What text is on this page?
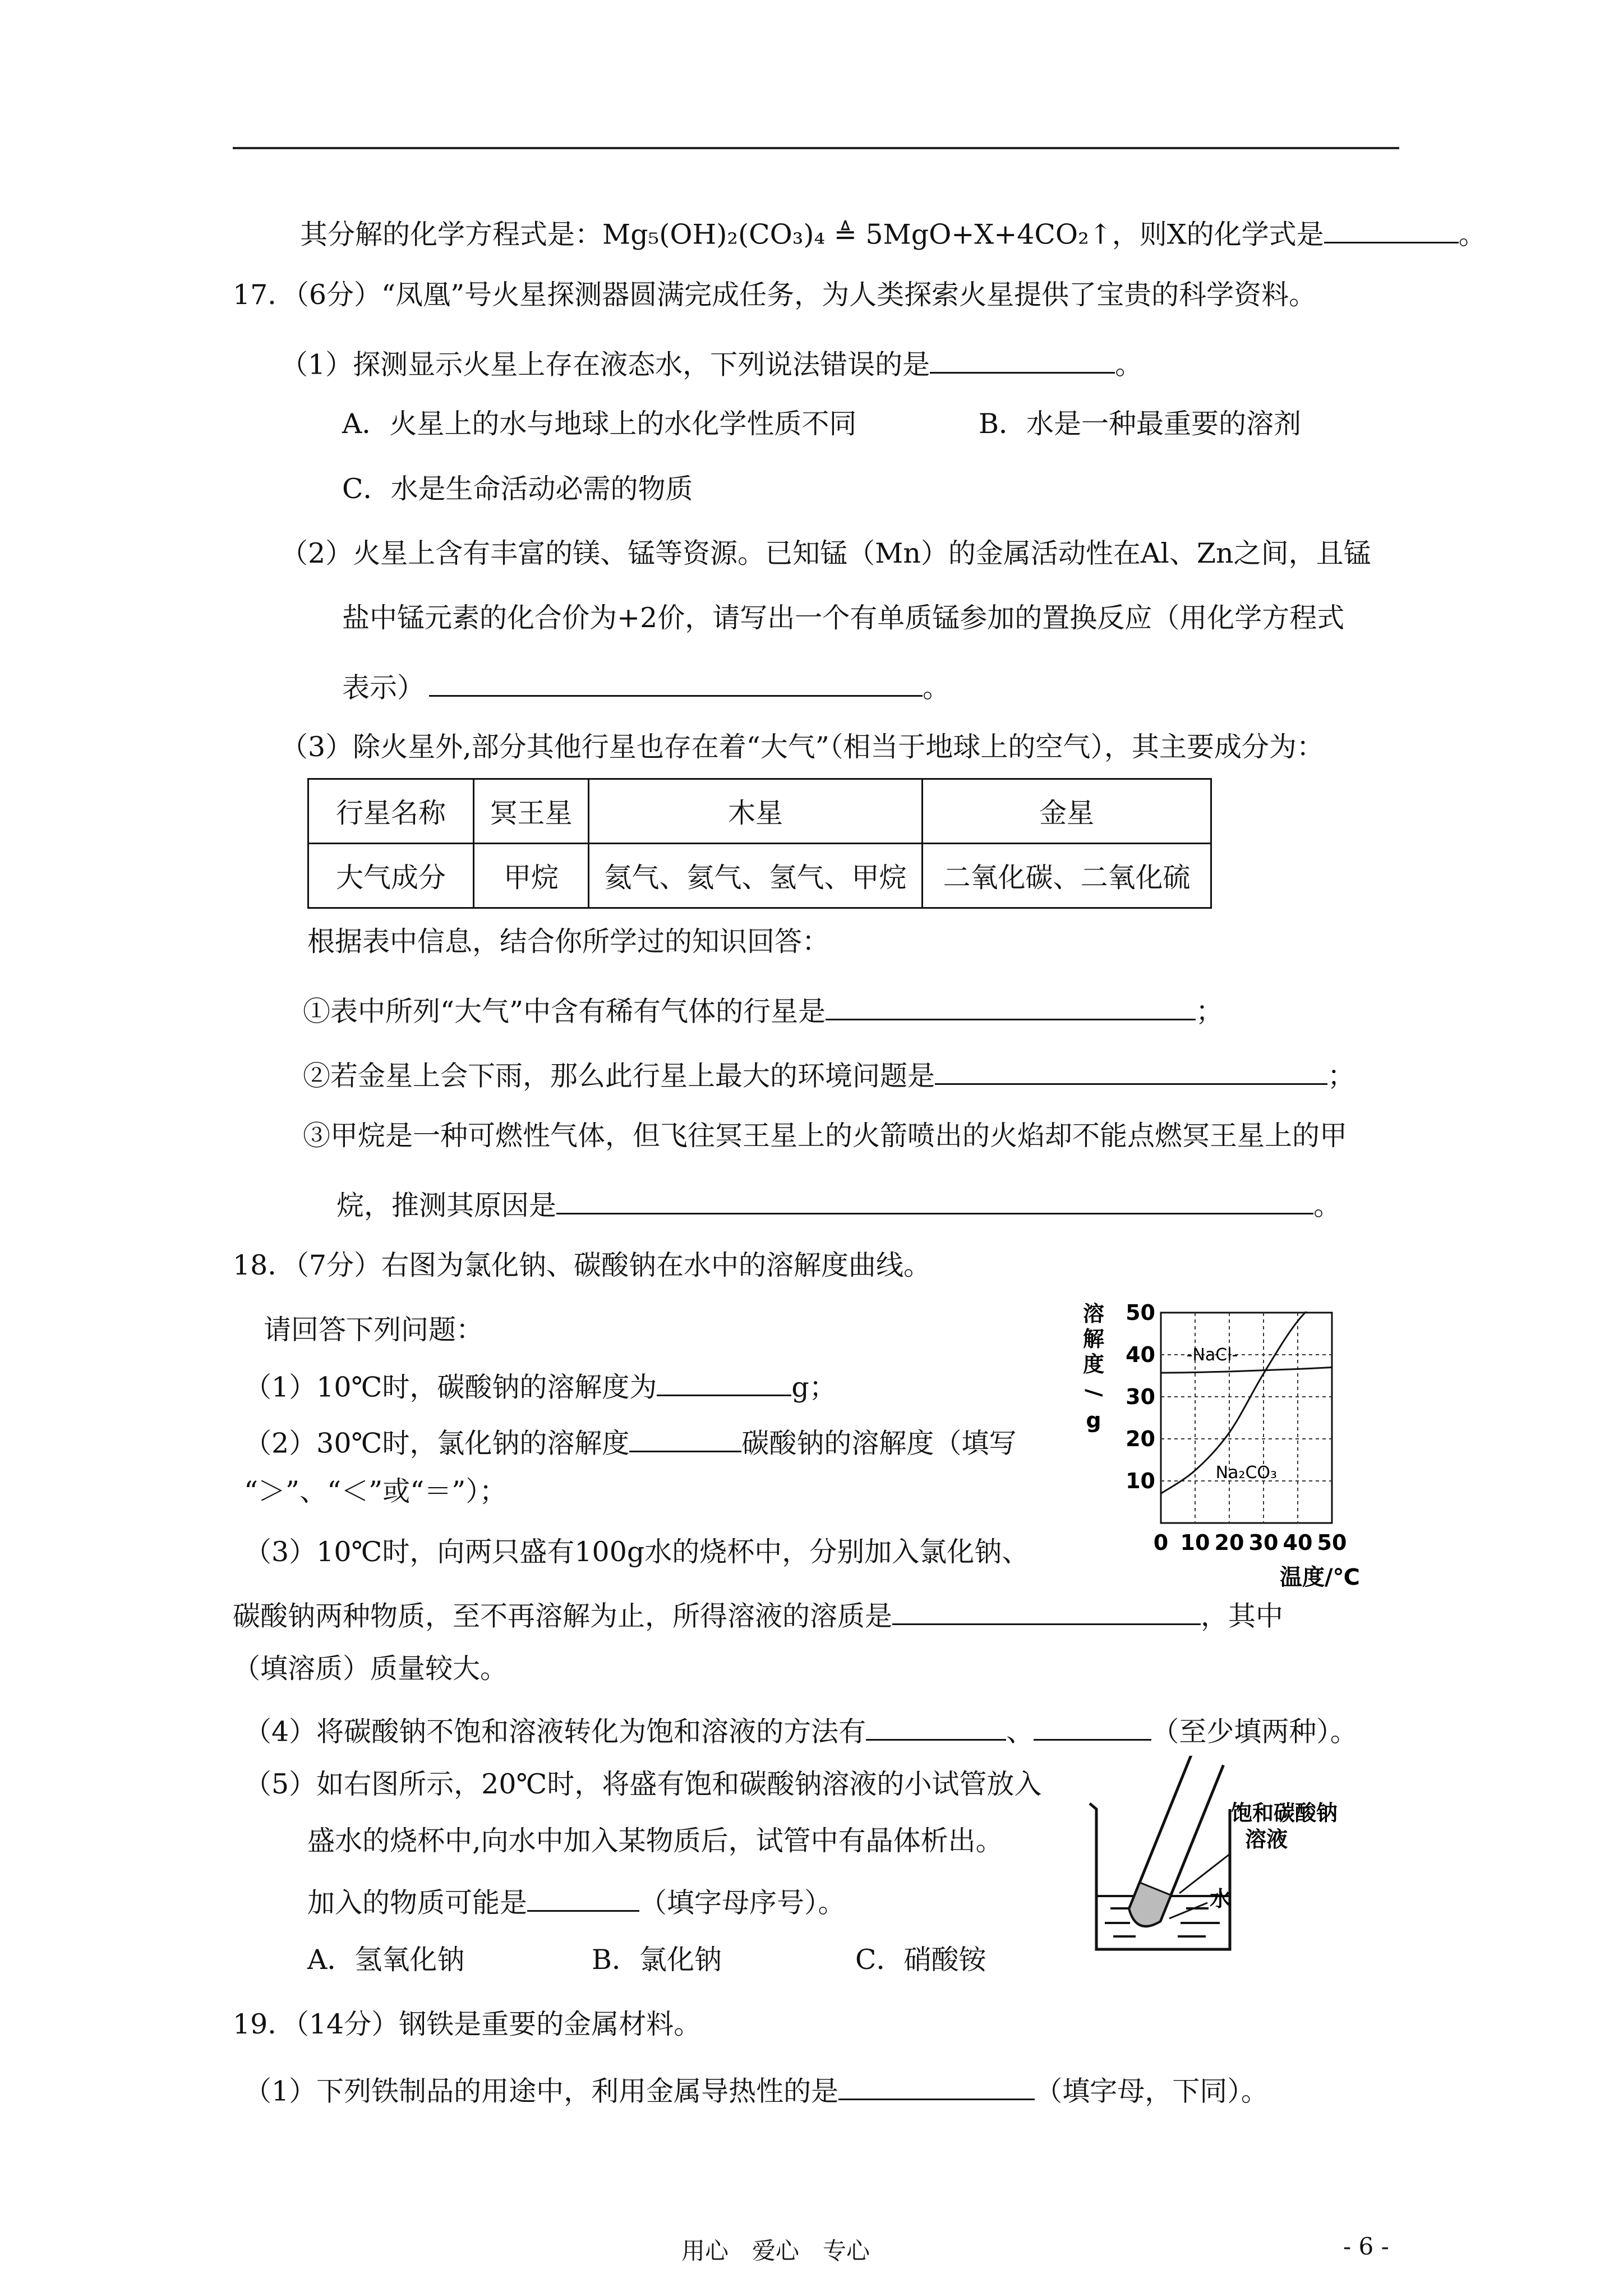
其分解的化学方程式是：Mg₅(OH)₂(CO₃)₄ ≜ 5MgO+X+4CO₂↑，则X的化学式是	。
17．（6分）“凤凰”号火星探测器圆满完成任务，为人类探索火星提供了宝贵的科学资料。
（1）探测显示火星上存在液态水，下列说法错误的是	。
A．火星上的水与地球上的水化学性质不同	B．水是一种最重要的溶剂
C．水是生命活动必需的物质
（2）火星上含有丰富的镁、锰等资源。已知锰（Mn）的金属活动性在Al、Zn之间，且锰
盐中锰元素的化合价为+2价，请写出一个有单质锰参加的置换反应（用化学方程式
表示）	。
（3）除火星外,部分其他行星也存在着“大气”（相当于地球上的空气），其主要成分为：
行星名称	冥王星	木星	金星
大气成分	甲烷	氦气、氦气、氢气、甲烷	二氧化碳、二氧化硫
根据表中信息，结合你所学过的知识回答：
①表中所列“大气”中含有稀有气体的行星是	；
②若金星上会下雨，那么此行星上最大的环境问题是	；
③甲烷是一种可燃性气体，但飞往冥王星上的火箭喷出的火焰却不能点燃冥王星上的甲
烷，推测其原因是	。
18．（7分）右图为氯化钠、碳酸钠在水中的溶解度曲线。
请回答下列问题：
（1）10℃时，碳酸钠的溶解度为	g；
（2）30℃时，氯化钠的溶解度	碳酸钠的溶解度（填写
“＞”、“＜”或“＝”）；
（3）10℃时，向两只盛有100g水的烧杯中，分别加入氯化钠、
碳酸钠两种物质，至不再溶解为止，所得溶液的溶质是	，其中
（填溶质）质量较大。
（4）将碳酸钠不饱和溶液转化为饱和溶液的方法有	、	（至少填两种）。
（5）如右图所示，20℃时，将盛有饱和碳酸钠溶液的小试管放入
盛水的烧杯中,向水中加入某物质后，试管中有晶体析出。
加入的物质可能是	（填字母序号）。
A．氢氧化钠	B．氯化钠	C．硝酸铵
19．（14分）钢铁是重要的金属材料。
（1）下列铁制品的用途中，利用金属导热性的是	（填字母，下同）。
溶
解
度
/
g
0 10 20 30 40 50
10
20
30
40
50
-NaCl-
Na₂CO₃
温度/℃
饱和碳酸钠
溶液
水
用心　爱心　专心	- 6 -
